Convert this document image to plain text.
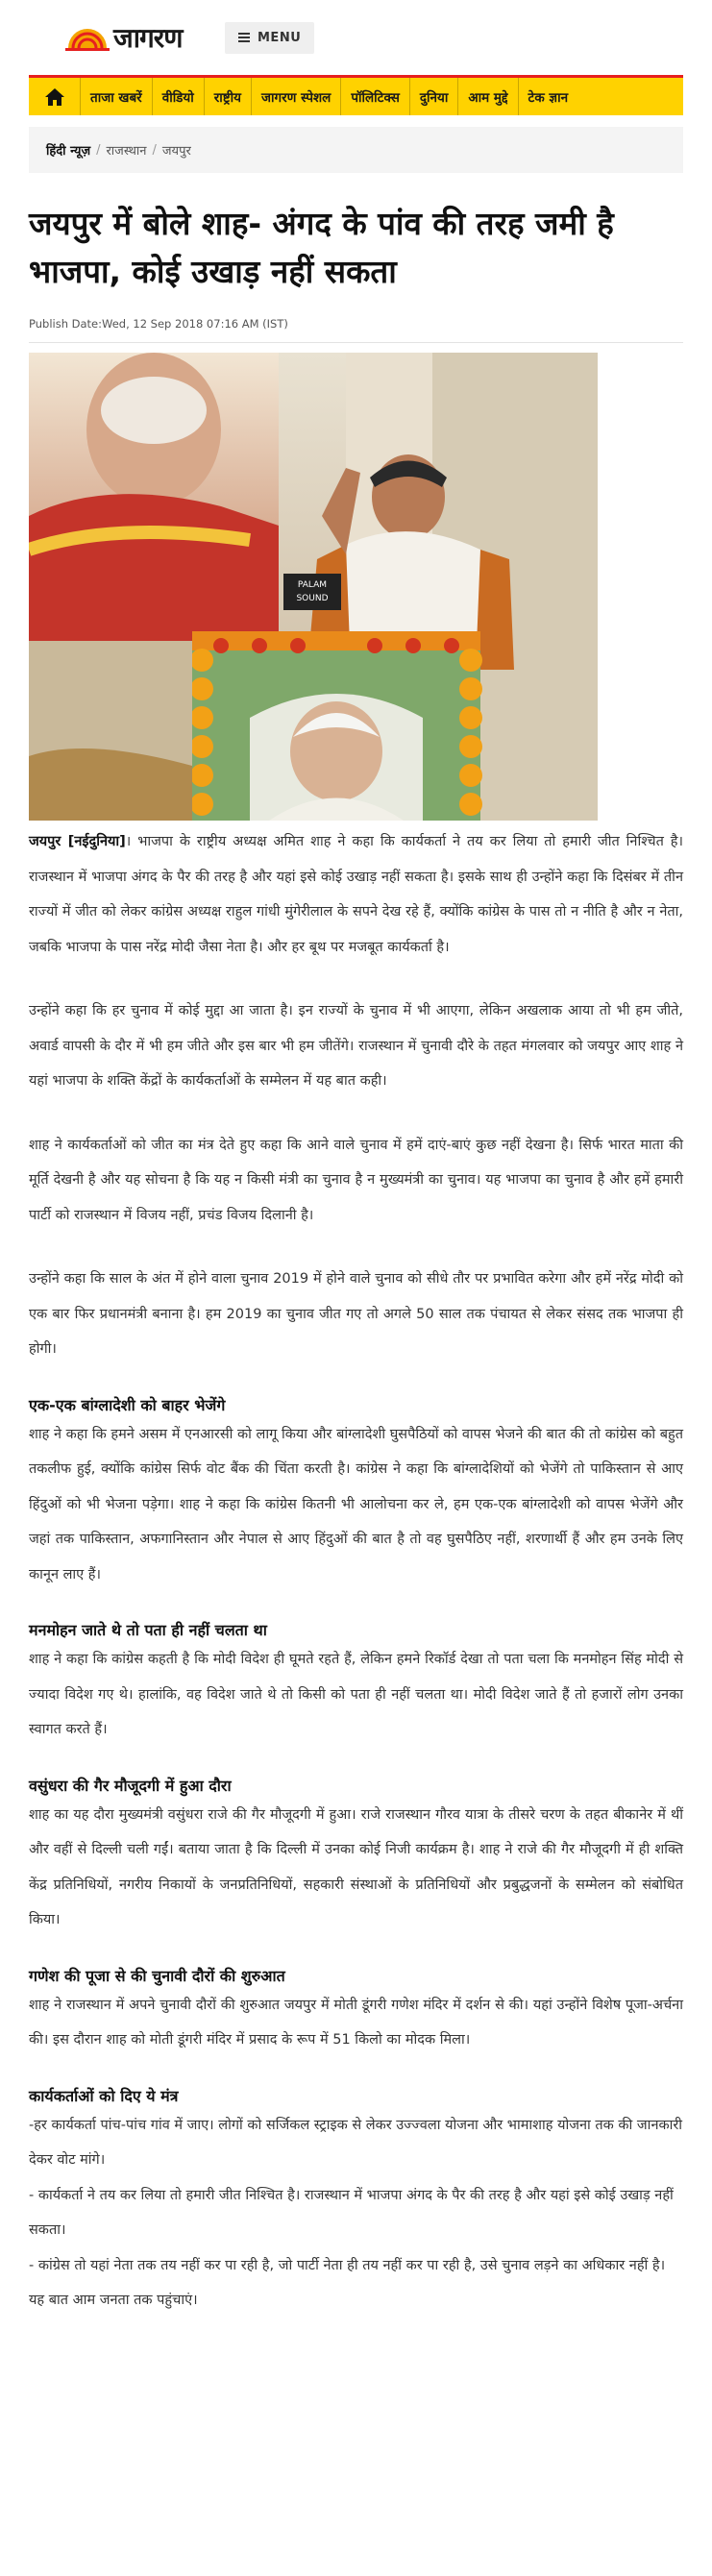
जागरण	MENU
ताजा खबरें	वीडियो	राष्ट्रीय	जागरण स्पेशल	पॉलिटिक्स	दुनिया	आम मुद्दे	टेक ज्ञान
हिंदी न्यूज़ / राजस्थान / जयपुर
जयपुर में बोले शाह- अंगद के पांव की तरह जमी है भाजपा, कोई उखाड़ नहीं सकता
Publish Date:Wed, 12 Sep 2018 07:16 AM (IST)
PALAM
SOUND

जयपुर [नईदुनिया]। भाजपा के राष्ट्रीय अध्यक्ष अमित शाह ने कहा कि कार्यकर्ता ने तय कर लिया तो हमारी जीत निश्चित है। राजस्थान में भाजपा अंगद के पैर की तरह है और यहां इसे कोई उखाड़ नहीं सकता है। इसके साथ ही उन्होंने कहा कि दिसंबर में तीन राज्यों में जीत को लेकर कांग्रेस अध्यक्ष राहुल गांधी मुंगेरीलाल के सपने देख रहे हैं, क्योंकि कांग्रेस के पास तो न नीति है और न नेता, जबकि भाजपा के पास नरेंद्र मोदी जैसा नेता है। और हर बूथ पर मजबूत कार्यकर्ता है।

उन्होंने कहा कि हर चुनाव में कोई मुद्दा आ जाता है। इन राज्यों के चुनाव में भी आएगा, लेकिन अखलाक आया तो भी हम जीते, अवार्ड वापसी के दौर में भी हम जीते और इस बार भी हम जीतेंगे। राजस्थान में चुनावी दौरे के तहत मंगलवार को जयपुर आए शाह ने यहां भाजपा के शक्ति केंद्रों के कार्यकर्ताओं के सम्मेलन में यह बात कही।

शाह ने कार्यकर्ताओं को जीत का मंत्र देते हुए कहा कि आने वाले चुनाव में हमें दाएं-बाएं कुछ नहीं देखना है। सिर्फ भारत माता की मूर्ति देखनी है और यह सोचना है कि यह न किसी मंत्री का चुनाव है न मुख्यमंत्री का चुनाव। यह भाजपा का चुनाव है और हमें हमारी पार्टी को राजस्थान में विजय नहीं, प्रचंड विजय दिलानी है।

उन्होंने कहा कि साल के अंत में होने वाला चुनाव 2019 में होने वाले चुनाव को सीधे तौर पर प्रभावित करेगा और हमें नरेंद्र मोदी को एक बार फिर प्रधानमंत्री बनाना है। हम 2019 का चुनाव जीत गए तो अगले 50 साल तक पंचायत से लेकर संसद तक भाजपा ही होगी।

एक-एक बांग्लादेशी को बाहर भेजेंगे

शाह ने कहा कि हमने असम में एनआरसी को लागू किया और बांग्लादेशी घुसपैठियों को वापस भेजने की बात की तो कांग्रेस को बहुत तकलीफ हुई, क्योंकि कांग्रेस सिर्फ वोट बैंक की चिंता करती है। कांग्रेस ने कहा कि बांग्लादेशियों को भेजेंगे तो पाकिस्तान से आए हिंदुओं को भी भेजना पड़ेगा। शाह ने कहा कि कांग्रेस कितनी भी आलोचना कर ले, हम एक-एक बांग्लादेशी को वापस भेजेंगे और जहां तक पाकिस्तान, अफगानिस्तान और नेपाल से आए हिंदुओं की बात है तो वह घुसपैठिए नहीं, शरणार्थी हैं और हम उनके लिए कानून लाए हैं।

मनमोहन जाते थे तो पता ही नहीं चलता था

शाह ने कहा कि कांग्रेस कहती है कि मोदी विदेश ही घूमते रहते हैं, लेकिन हमने रिकॉर्ड देखा तो पता चला कि मनमोहन सिंह मोदी से ज्यादा विदेश गए थे। हालांकि, वह विदेश जाते थे तो किसी को पता ही नहीं चलता था। मोदी विदेश जाते हैं तो हजारों लोग उनका स्वागत करते हैं।

वसुंधरा की गैर मौजूदगी में हुआ दौरा

शाह का यह दौरा मुख्यमंत्री वसुंधरा राजे की गैर मौजूदगी में हुआ। राजे राजस्थान गौरव यात्रा के तीसरे चरण के तहत बीकानेर में थीं और वहीं से दिल्ली चली गईं। बताया जाता है कि दिल्ली में उनका कोई निजी कार्यक्रम है। शाह ने राजे की गैर मौजूदगी में ही शक्ति केंद्र प्रतिनिधियों, नगरीय निकायों के जनप्रतिनिधियों, सहकारी संस्थाओं के प्रतिनिधियों और प्रबुद्धजनों के सम्मेलन को संबोधित किया।

गणेश की पूजा से की चुनावी दौरों की शुरुआत

शाह ने राजस्थान में अपने चुनावी दौरों की शुरुआत जयपुर में मोती डूंगरी गणेश मंदिर में दर्शन से की। यहां उन्होंने विशेष पूजा-अर्चना की। इस दौरान शाह को मोती डूंगरी मंदिर में प्रसाद के रूप में 51 किलो का मोदक मिला।

कार्यकर्ताओं को दिए ये मंत्र

-हर कार्यकर्ता पांच-पांच गांव में जाए। लोगों को सर्जिकल स्ट्राइक से लेकर उज्ज्वला योजना और भामाशाह योजना तक की जानकारी देकर वोट मांगे।
- कार्यकर्ता ने तय कर लिया तो हमारी जीत निश्चित है। राजस्थान में भाजपा अंगद के पैर की तरह है और यहां इसे कोई उखाड़ नहीं सकता।
- कांग्रेस तो यहां नेता तक तय नहीं कर पा रही है, जो पार्टी नेता ही तय नहीं कर पा रही है, उसे चुनाव लड़ने का अधिकार नहीं है। यह बात आम जनता तक पहुंचाएं।
